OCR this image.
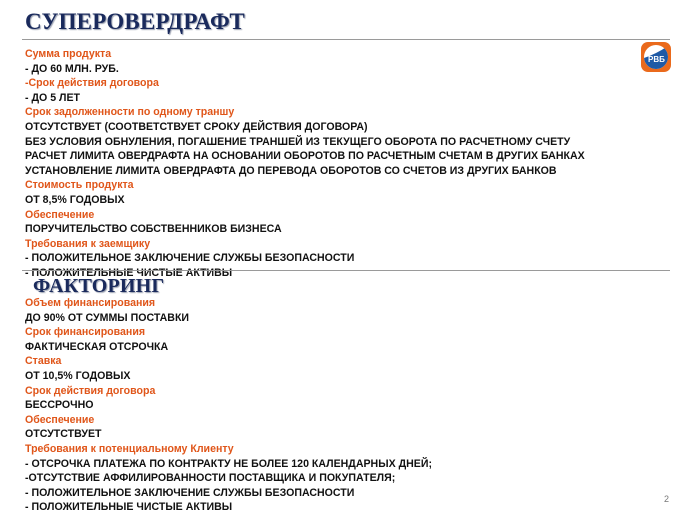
СУПЕРОВЕРДРАФТ
РВБ
Сумма продукта
- ДО 60 МЛН. РУБ.
-Срок действия договора
- ДО 5 ЛЕТ
Срок задолженности по одному траншу
ОТСУТСТВУЕТ (СООТВЕТСТВУЕТ СРОКУ ДЕЙСТВИЯ ДОГОВОРА)
БЕЗ УСЛОВИЯ ОБНУЛЕНИЯ, ПОГАШЕНИЕ ТРАНШЕЙ ИЗ ТЕКУЩЕГО ОБОРОТА ПО РАСЧЕТНОМУ СЧЕТУ
РАСЧЕТ ЛИМИТА ОВЕРДРАФТА НА ОСНОВАНИИ ОБОРОТОВ ПО РАСЧЕТНЫМ СЧЕТАМ В ДРУГИХ БАНКАХ
УСТАНОВЛЕНИЕ ЛИМИТА ОВЕРДРАФТА ДО ПЕРЕВОДА ОБОРОТОВ СО СЧЕТОВ ИЗ ДРУГИХ БАНКОВ
Стоимость продукта
ОТ 8,5% ГОДОВЫХ
Обеспечение
ПОРУЧИТЕЛЬСТВО СОБСТВЕННИКОВ БИЗНЕСА
Требования к заемщику
- ПОЛОЖИТЕЛЬНОЕ ЗАКЛЮЧЕНИЕ СЛУЖБЫ БЕЗОПАСНОСТИ
- ПОЛОЖИТЕЛЬНЫЕ ЧИСТЫЕ АКТИВЫ
ФАКТОРИНГ
Объем финансирования
ДО 90% ОТ СУММЫ ПОСТАВКИ
Срок финансирования
ФАКТИЧЕСКАЯ ОТСРОЧКА
Ставка
ОТ 10,5% ГОДОВЫХ
Срок действия договора
БЕССРОЧНО
Обеспечение
ОТСУТСТВУЕТ
Требования к потенциальному Клиенту
- ОТСРОЧКА ПЛАТЕЖА ПО КОНТРАКТУ НЕ БОЛЕЕ 120 КАЛЕНДАРНЫХ ДНЕЙ;
-ОТСУТСТВИЕ АФФИЛИРОВАННОСТИ ПОСТАВЩИКА И ПОКУПАТЕЛЯ;
- ПОЛОЖИТЕЛЬНОЕ ЗАКЛЮЧЕНИЕ СЛУЖБЫ БЕЗОПАСНОСТИ
- ПОЛОЖИТЕЛЬНЫЕ ЧИСТЫЕ АКТИВЫ
2
